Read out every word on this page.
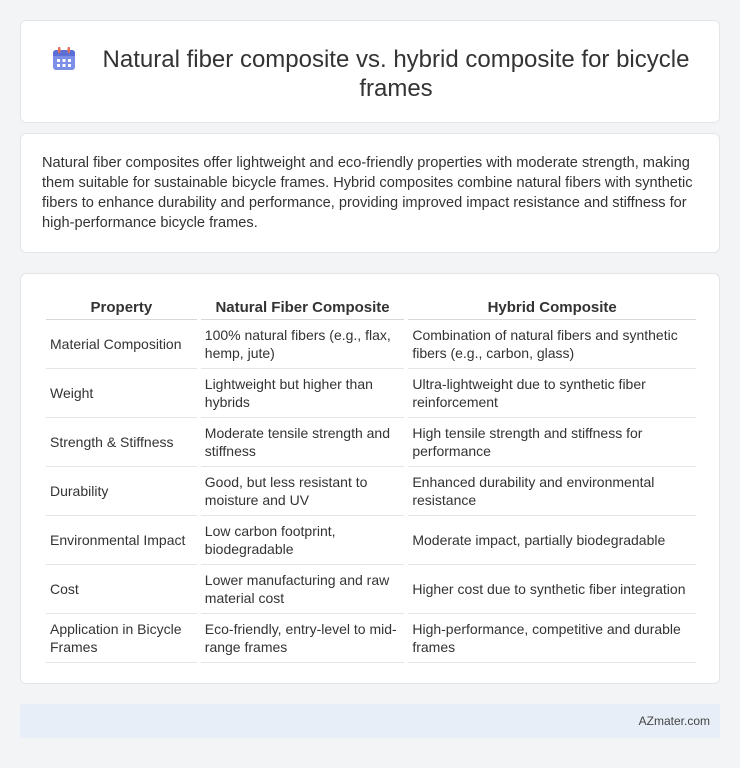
Natural fiber composite vs. hybrid composite for bicycle frames

Natural fiber composites offer lightweight and eco-friendly properties with moderate strength, making them suitable for sustainable bicycle frames. Hybrid composites combine natural fibers with synthetic fibers to enhance durability and performance, providing improved impact resistance and stiffness for high-performance bicycle frames.

Property	Natural Fiber Composite	Hybrid Composite
Material Composition	100% natural fibers (e.g., flax, hemp, jute)	Combination of natural fibers and synthetic fibers (e.g., carbon, glass)
Weight	Lightweight but higher than hybrids	Ultra-lightweight due to synthetic fiber reinforcement
Strength & Stiffness	Moderate tensile strength and stiffness	High tensile strength and stiffness for performance
Durability	Good, but less resistant to moisture and UV	Enhanced durability and environmental resistance
Environmental Impact	Low carbon footprint, biodegradable	Moderate impact, partially biodegradable
Cost	Lower manufacturing and raw material cost	Higher cost due to synthetic fiber integration
Application in Bicycle Frames	Eco-friendly, entry-level to mid-range frames	High-performance, competitive and durable frames
AZmater.com
